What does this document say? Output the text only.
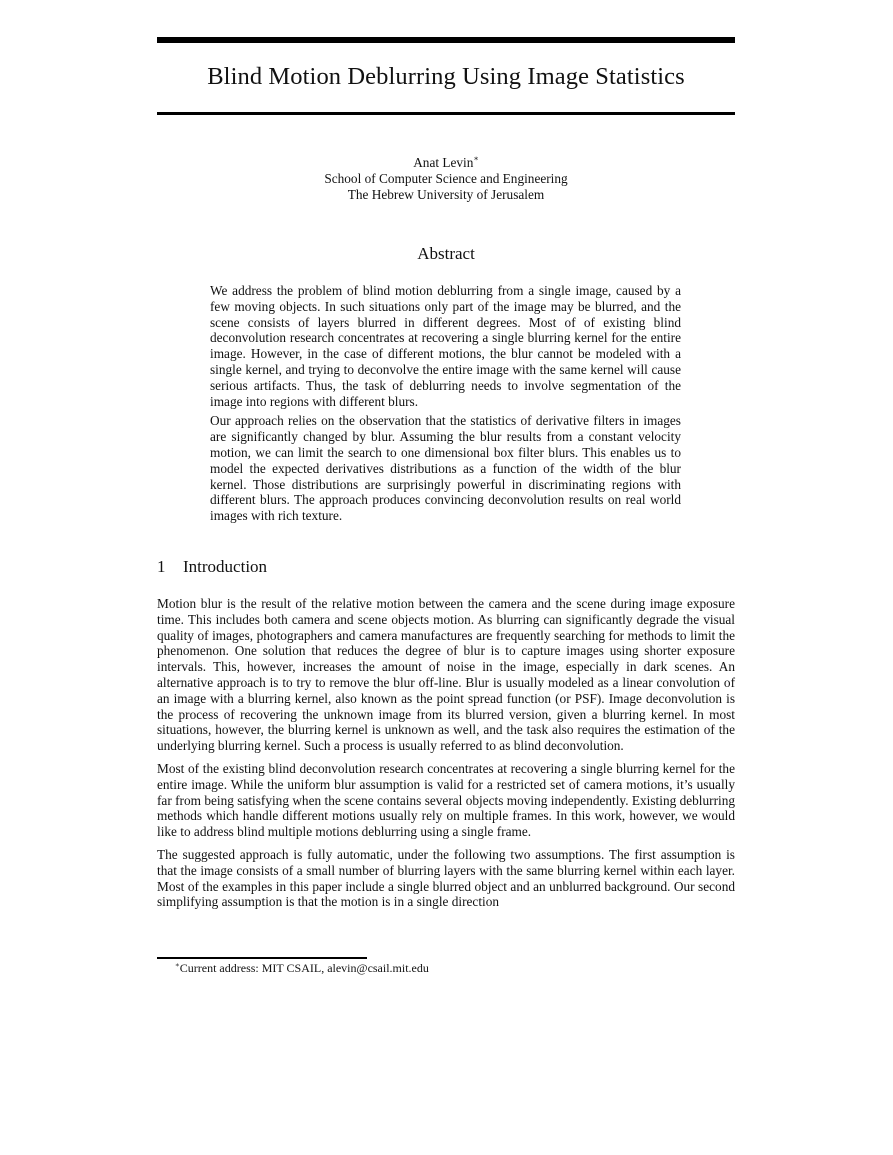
Blind Motion Deblurring Using Image Statistics
Anat Levin∗
School of Computer Science and Engineering
The Hebrew University of Jerusalem
Abstract

We address the problem of blind motion deblurring from a single image, caused by a few moving objects. In such situations only part of the image may be blurred, and the scene consists of layers blurred in different degrees. Most of of existing blind deconvolution research concentrates at recovering a single blurring kernel for the entire image. However, in the case of different motions, the blur cannot be modeled with a single kernel, and trying to deconvolve the entire image with the same kernel will cause serious artifacts. Thus, the task of deblurring needs to involve segmentation of the image into regions with different blurs.

Our approach relies on the observation that the statistics of derivative filters in images are significantly changed by blur. Assuming the blur results from a constant velocity motion, we can limit the search to one dimensional box filter blurs. This enables us to model the expected derivatives distributions as a function of the width of the blur kernel. Those distributions are surprisingly powerful in discriminating regions with different blurs. The approach produces convincing deconvolution results on real world images with rich texture.

1 Introduction

Motion blur is the result of the relative motion between the camera and the scene during image exposure time. This includes both camera and scene objects motion. As blurring can significantly degrade the visual quality of images, photographers and camera manufactures are frequently searching for methods to limit the phenomenon. One solution that reduces the degree of blur is to capture images using shorter exposure intervals. This, however, increases the amount of noise in the image, especially in dark scenes. An alternative approach is to try to remove the blur off-line. Blur is usually modeled as a linear convolution of an image with a blurring kernel, also known as the point spread function (or PSF). Image deconvolution is the process of recovering the unknown image from its blurred version, given a blurring kernel. In most situations, however, the blurring kernel is unknown as well, and the task also requires the estimation of the underlying blurring kernel. Such a process is usually referred to as blind deconvolution.

Most of the existing blind deconvolution research concentrates at recovering a single blurring kernel for the entire image. While the uniform blur assumption is valid for a restricted set of camera motions, it’s usually far from being satisfying when the scene contains several objects moving independently. Existing deblurring methods which handle different motions usually rely on multiple frames. In this work, however, we would like to address blind multiple motions deblurring using a single frame.

The suggested approach is fully automatic, under the following two assumptions. The first assumption is that the image consists of a small number of blurring layers with the same blurring kernel within each layer. Most of the examples in this paper include a single blurred object and an unblurred background. Our second simplifying assumption is that the motion is in a single direction

∗Current address: MIT CSAIL, alevin@csail.mit.edu
